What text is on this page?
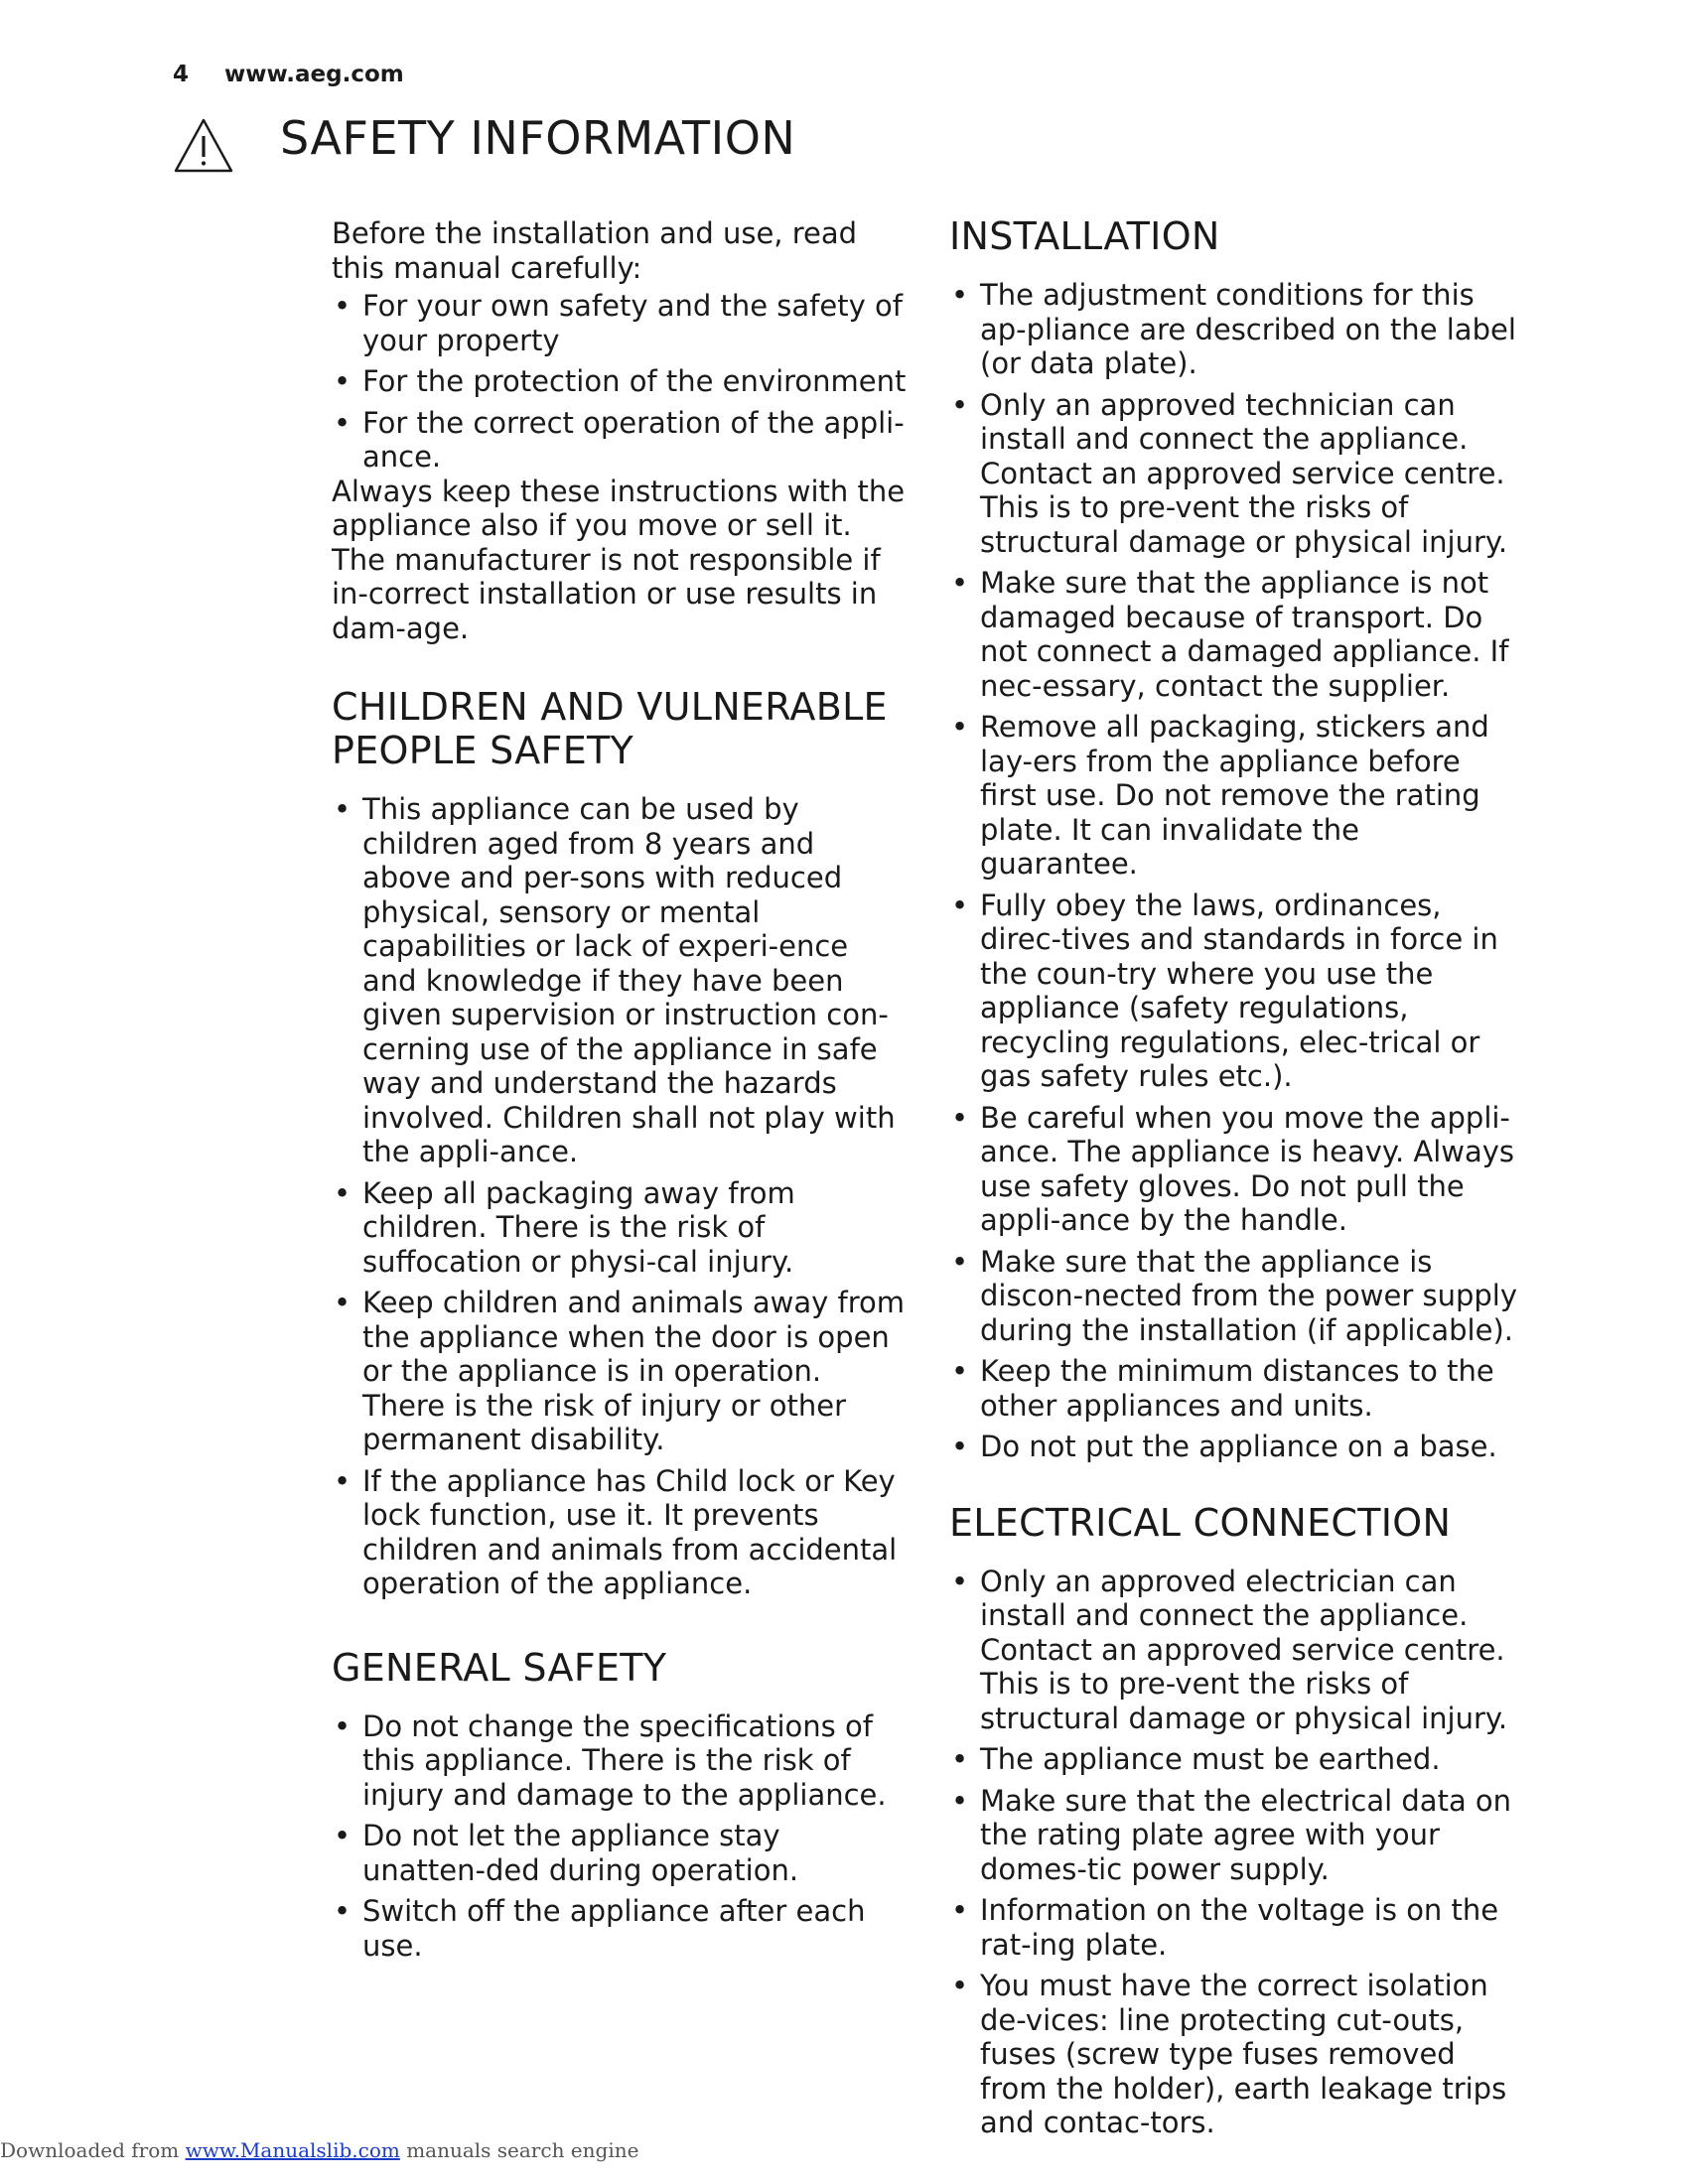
4 www.aeg.com
SAFETY INFORMATION

Before the installation and use, read this manual carefully:

• For your own safety and the safety of your property
• For the protection of the environment
• For the correct operation of the appli-ance.

Always keep these instructions with the appliance also if you move or sell it.

The manufacturer is not responsible if in-correct installation or use results in dam-age.

CHILDREN AND VULNERABLE PEOPLE SAFETY
• This appliance can be used by children aged from 8 years and above and per-sons with reduced physical, sensory or mental capabilities or lack of experi-ence and knowledge if they have been given supervision or instruction con-cerning use of the appliance in safe way and understand the hazards involved. Children shall not play with the appli-ance.
• Keep all packaging away from children. There is the risk of suffocation or physi-cal injury.
• Keep children and animals away from the appliance when the door is open or the appliance is in operation. There is the risk of injury or other permanent disability.
• If the appliance has Child lock or Key lock function, use it. It prevents children and animals from accidental operation of the appliance.
GENERAL SAFETY
• Do not change the specifications of this appliance. There is the risk of injury and damage to the appliance.
• Do not let the appliance stay unatten-ded during operation.
• Switch off the appliance after each use.
INSTALLATION
• The adjustment conditions for this ap-pliance are described on the label (or data plate).
• Only an approved technician can install and connect the appliance. Contact an approved service centre. This is to pre-vent the risks of structural damage or physical injury.
• Make sure that the appliance is not damaged because of transport. Do not connect a damaged appliance. If nec-essary, contact the supplier.
• Remove all packaging, stickers and lay-ers from the appliance before first use. Do not remove the rating plate. It can invalidate the guarantee.
• Fully obey the laws, ordinances, direc-tives and standards in force in the coun-try where you use the appliance (safety regulations, recycling regulations, elec-trical or gas safety rules etc.).
• Be careful when you move the appli-ance. The appliance is heavy. Always use safety gloves. Do not pull the appli-ance by the handle.
• Make sure that the appliance is discon-nected from the power supply during the installation (if applicable).
• Keep the minimum distances to the other appliances and units.
• Do not put the appliance on a base.
ELECTRICAL CONNECTION
• Only an approved electrician can install and connect the appliance. Contact an approved service centre. This is to pre-vent the risks of structural damage or physical injury.
• The appliance must be earthed.
• Make sure that the electrical data on the rating plate agree with your domes-tic power supply.
• Information on the voltage is on the rat-ing plate.
• You must have the correct isolation de-vices: line protecting cut-outs, fuses (screw type fuses removed from the holder), earth leakage trips and contac-tors.
Downloaded from www.Manualslib.com manuals search engine
